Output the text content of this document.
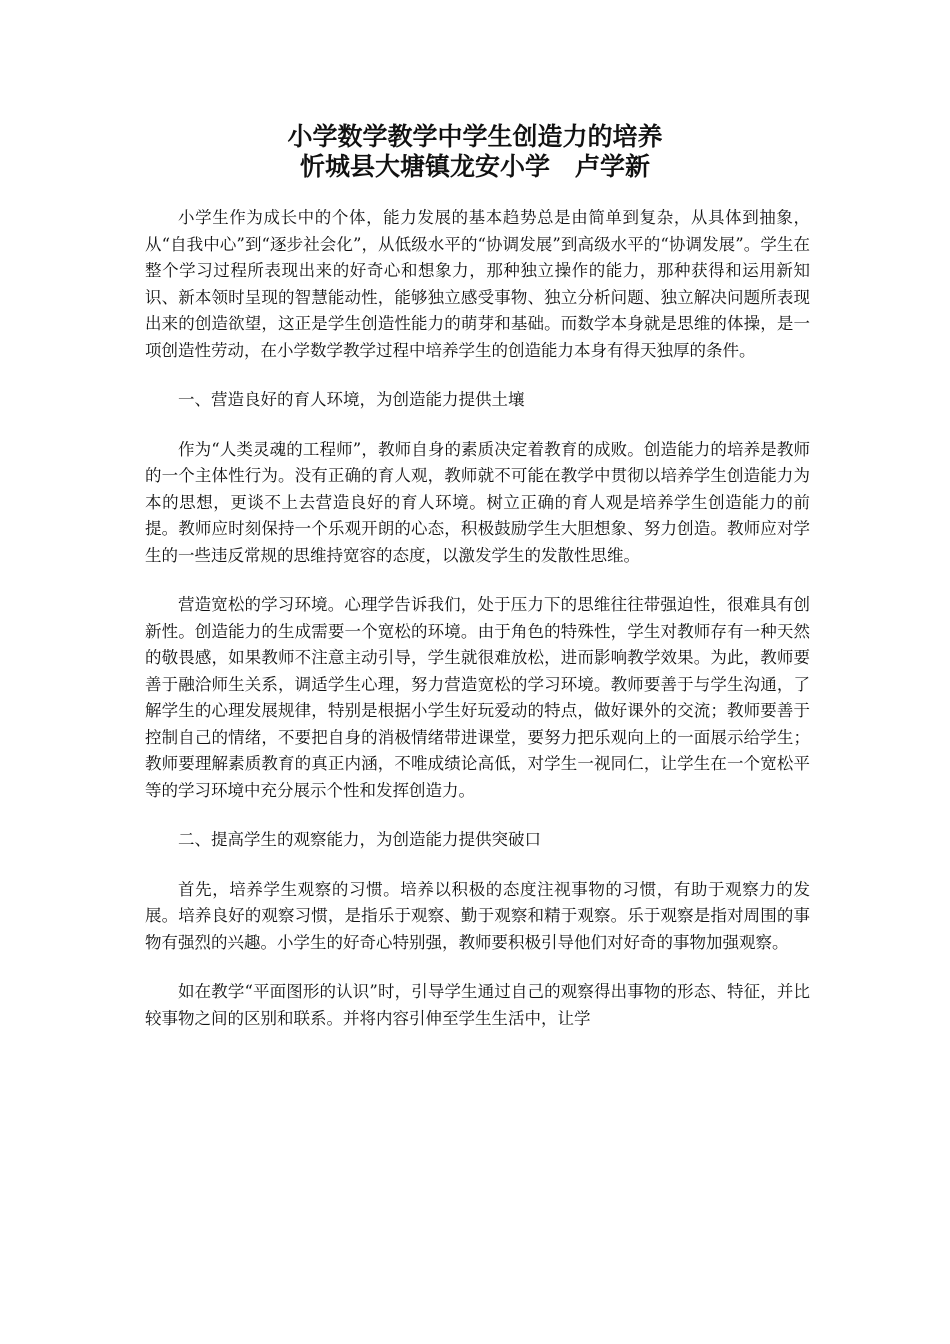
小学数学教学中学生创造力的培养
忻城县大塘镇龙安小学　卢学新

小学生作为成长中的个体，能力发展的基本趋势总是由简单到复杂，从具体到抽象，从“自我中心”到“逐步社会化”，从低级水平的“协调发展”到高级水平的“协调发展”。学生在整个学习过程所表现出来的好奇心和想象力，那种独立操作的能力，那种获得和运用新知识、新本领时呈现的智慧能动性，能够独立感受事物、独立分析问题、独立解决问题所表现出来的创造欲望，这正是学生创造性能力的萌芽和基础。而数学本身就是思维的体操，是一项创造性劳动，在小学数学教学过程中培养学生的创造能力本身有得天独厚的条件。

一、营造良好的育人环境，为创造能力提供土壤

作为“人类灵魂的工程师”，教师自身的素质决定着教育的成败。创造能力的培养是教师的一个主体性行为。没有正确的育人观，教师就不可能在教学中贯彻以培养学生创造能力为本的思想，更谈不上去营造良好的育人环境。树立正确的育人观是培养学生创造能力的前提。教师应时刻保持一个乐观开朗的心态，积极鼓励学生大胆想象、努力创造。教师应对学生的一些违反常规的思维持宽容的态度，以激发学生的发散性思维。

营造宽松的学习环境。心理学告诉我们，处于压力下的思维往往带强迫性，很难具有创新性。创造能力的生成需要一个宽松的环境。由于角色的特殊性，学生对教师存有一种天然的敬畏感，如果教师不注意主动引导，学生就很难放松，进而影响教学效果。为此，教师要善于融洽师生关系，调适学生心理，努力营造宽松的学习环境。教师要善于与学生沟通，了解学生的心理发展规律，特别是根据小学生好玩爱动的特点，做好课外的交流；教师要善于控制自己的情绪，不要把自身的消极情绪带进课堂，要努力把乐观向上的一面展示给学生；教师要理解素质教育的真正内涵，不唯成绩论高低，对学生一视同仁，让学生在一个宽松平等的学习环境中充分展示个性和发挥创造力。

二、提高学生的观察能力，为创造能力提供突破口

首先，培养学生观察的习惯。培养以积极的态度注视事物的习惯，有助于观察力的发展。培养良好的观察习惯，是指乐于观察、勤于观察和精于观察。乐于观察是指对周围的事物有强烈的兴趣。小学生的好奇心特别强，教师要积极引导他们对好奇的事物加强观察。

如在教学“平面图形的认识”时，引导学生通过自己的观察得出事物的形态、特征，并比较事物之间的区别和联系。并将内容引伸至学生生活中，让学
